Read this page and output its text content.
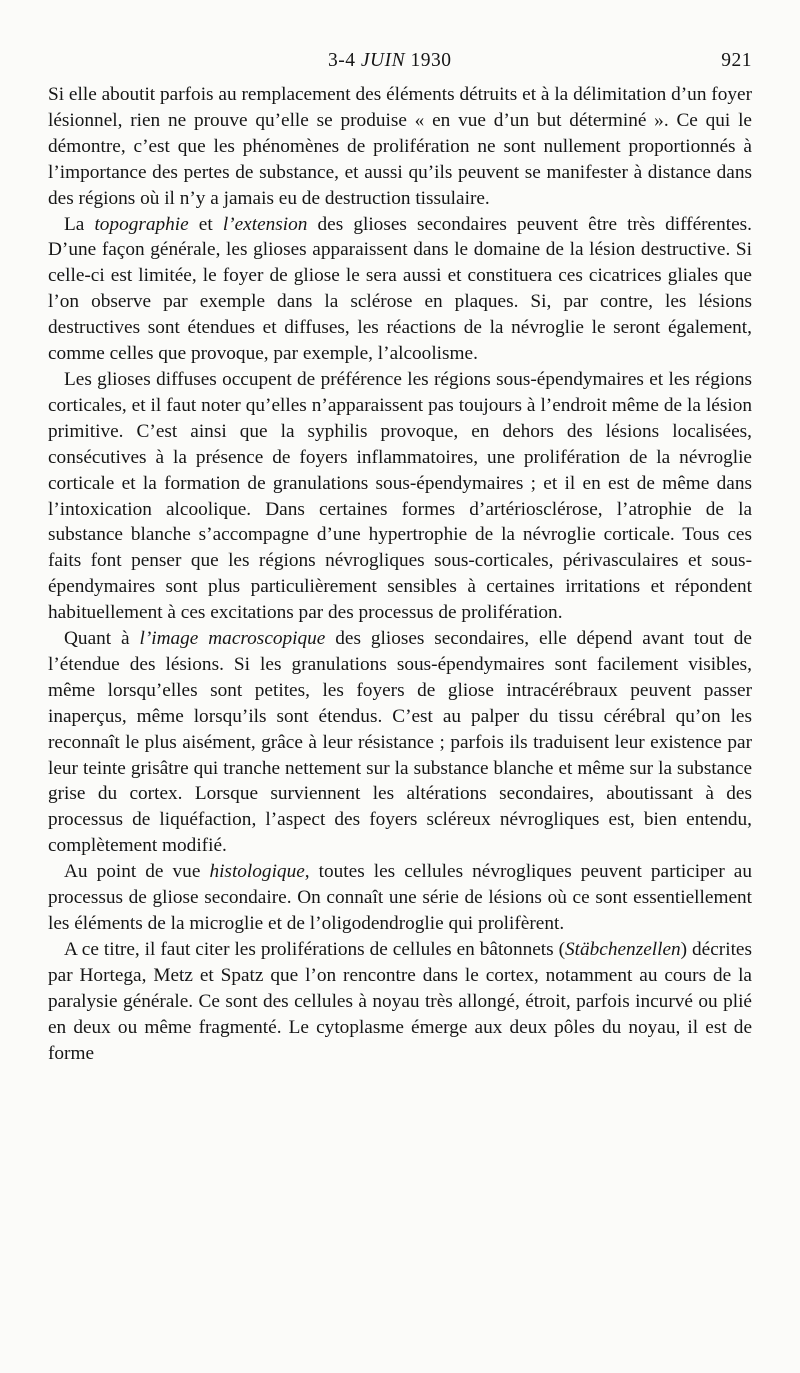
3-4 JUIN 1930	921

Si elle aboutit parfois au remplacement des éléments détruits et à la délimitation d’un foyer lésionnel, rien ne prouve qu’elle se produise « en vue d’un but déterminé ». Ce qui le démontre, c’est que les phénomènes de prolifération ne sont nullement proportionnés à l’importance des pertes de substance, et aussi qu’ils peuvent se manifester à distance dans des régions où il n’y a jamais eu de destruction tissulaire.

La topographie et l’extension des glioses secondaires peuvent être très différentes. D’une façon générale, les glioses apparaissent dans le domaine de la lésion destructive. Si celle-ci est limitée, le foyer de gliose le sera aussi et constituera ces cicatrices gliales que l’on observe par exemple dans la sclérose en plaques. Si, par contre, les lésions destructives sont étendues et diffuses, les réactions de la névroglie le seront également, comme celles que provoque, par exemple, l’alcoolisme.

Les glioses diffuses occupent de préférence les régions sous-épendymaires et les régions corticales, et il faut noter qu’elles n’apparaissent pas toujours à l’endroit même de la lésion primitive. C’est ainsi que la syphilis provoque, en dehors des lésions localisées, consécutives à la présence de foyers inflammatoires, une prolifération de la névroglie corticale et la formation de granulations sous-épendymaires ; et il en est de même dans l’intoxication alcoolique. Dans certaines formes d’artériosclérose, l’atrophie de la substance blanche s’accompagne d’une hypertrophie de la névroglie corticale. Tous ces faits font penser que les régions névrogliques sous-corticales, périvasculaires et sous-épendymaires sont plus particulièrement sensibles à certaines irritations et répondent habituellement à ces excitations par des processus de prolifération.

Quant à l’image macroscopique des glioses secondaires, elle dépend avant tout de l’étendue des lésions. Si les granulations sous-épendymaires sont facilement visibles, même lorsqu’elles sont petites, les foyers de gliose intracérébraux peuvent passer inaperçus, même lorsqu’ils sont étendus. C’est au palper du tissu cérébral qu’on les reconnaît le plus aisément, grâce à leur résistance ; parfois ils traduisent leur existence par leur teinte grisâtre qui tranche nettement sur la substance blanche et même sur la substance grise du cortex. Lorsque surviennent les altérations secondaires, aboutissant à des processus de liquéfaction, l’aspect des foyers scléreux névrogliques est, bien entendu, complètement modifié.

Au point de vue histologique, toutes les cellules névrogliques peuvent participer au processus de gliose secondaire. On connaît une série de lésions où ce sont essentiellement les éléments de la microglie et de l’oligodendroglie qui prolifèrent.

A ce titre, il faut citer les proliférations de cellules en bâtonnets (Stäbchenzellen) décrites par Hortega, Metz et Spatz que l’on rencontre dans le cortex, notamment au cours de la paralysie générale. Ce sont des cellules à noyau très allongé, étroit, parfois incurvé ou plié en deux ou même fragmenté. Le cytoplasme émerge aux deux pôles du noyau, il est de forme
